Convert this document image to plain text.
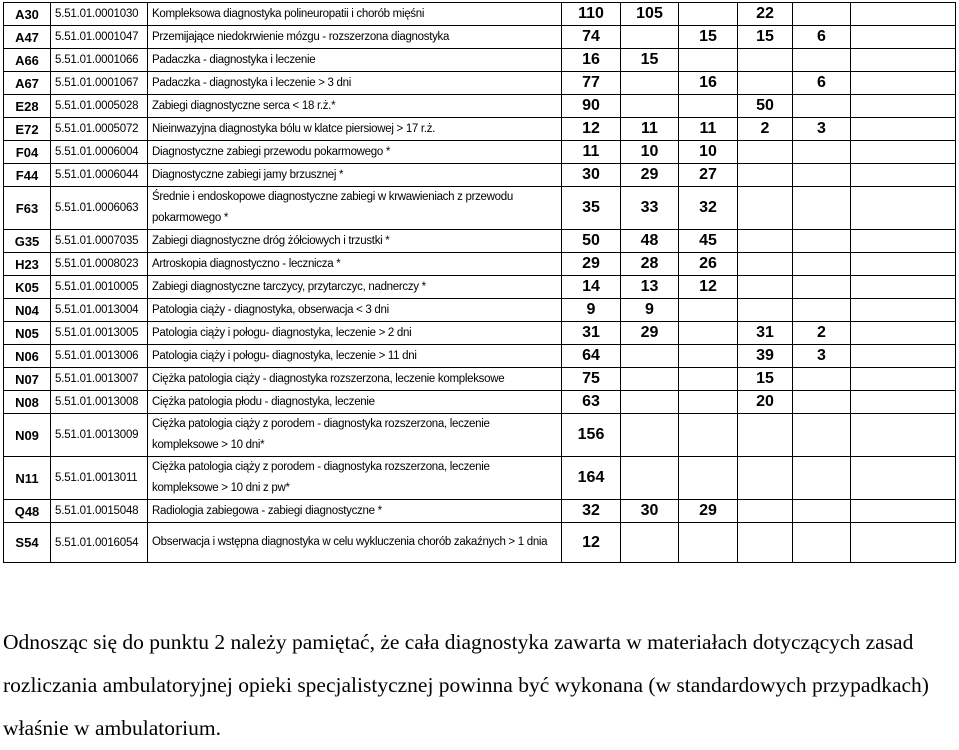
A30	5.51.01.0001030	Kompleksowa diagnostyka polineuropatii i chorób mięśni	110	105		22		
A47	5.51.01.0001047	Przemijające niedokrwienie mózgu - rozszerzona diagnostyka	74		15	15	6	
A66	5.51.01.0001066	Padaczka - diagnostyka i leczenie	16	15				
A67	5.51.01.0001067	Padaczka - diagnostyka i leczenie > 3 dni	77		16		6	
E28	5.51.01.0005028	Zabiegi diagnostyczne serca < 18 r.ż.*	90			50		
E72	5.51.01.0005072	Nieinwazyjna diagnostyka bólu w klatce piersiowej > 17 r.ż.	12	11	11	2	3	
F04	5.51.01.0006004	Diagnostyczne zabiegi przewodu pokarmowego *	11	10	10			
F44	5.51.01.0006044	Diagnostyczne zabiegi jamy brzusznej *	30	29	27			
F63	5.51.01.0006063	Średnie i endoskopowe diagnostyczne zabiegi w krwawieniach z przewodu pokarmowego *	35	33	32			
G35	5.51.01.0007035	Zabiegi diagnostyczne dróg żółciowych i trzustki *	50	48	45			
H23	5.51.01.0008023	Artroskopia diagnostyczno - lecznicza *	29	28	26			
K05	5.51.01.0010005	Zabiegi diagnostyczne tarczycy, przytarczyc, nadnerczy *	14	13	12			
N04	5.51.01.0013004	Patologia ciąży - diagnostyka, obserwacja < 3 dni	9	9				
N05	5.51.01.0013005	Patologia ciąży i połogu- diagnostyka, leczenie > 2 dni	31	29		31	2	
N06	5.51.01.0013006	Patologia ciąży i połogu- diagnostyka, leczenie > 11 dni	64			39	3	
N07	5.51.01.0013007	Ciężka patologia ciąży - diagnostyka rozszerzona, leczenie kompleksowe	75			15		
N08	5.51.01.0013008	Ciężka patologia płodu - diagnostyka, leczenie	63			20		
N09	5.51.01.0013009	Ciężka patologia ciąży z porodem - diagnostyka rozszerzona, leczenie kompleksowe > 10 dni*	156					
N11	5.51.01.0013011	Ciężka patologia ciąży z porodem - diagnostyka rozszerzona, leczenie kompleksowe > 10 dni z pw*	164					
Q48	5.51.01.0015048	Radiologia zabiegowa - zabiegi diagnostyczne *	32	30	29			
S54	5.51.01.0016054	Obserwacja i wstępna diagnostyka w celu wykluczenia chorób zakaźnych > 1 dnia	12					

Odnosząc się do punktu 2 należy pamiętać, że cała diagnostyka zawarta w materiałach dotyczących zasad rozliczania ambulatoryjnej opieki specjalistycznej powinna być wykonana (w standardowych przypadkach) właśnie w ambulatorium.
